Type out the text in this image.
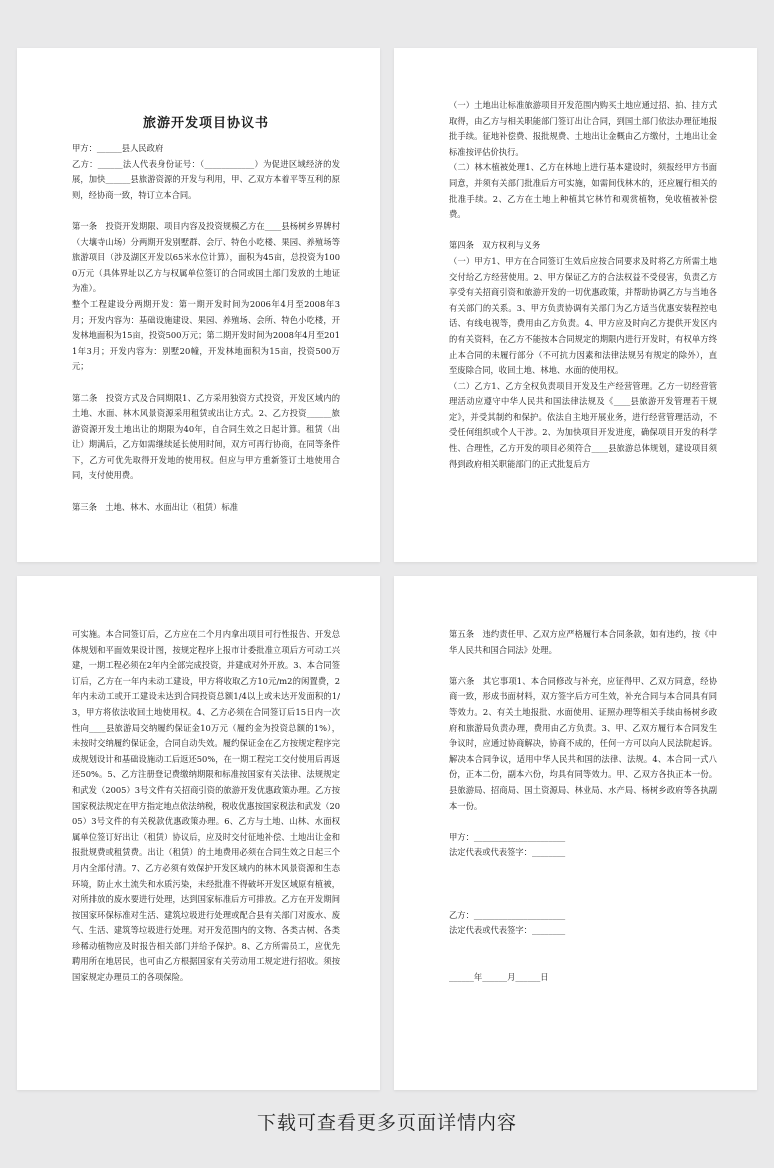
旅游开发项目协议书
甲方：______县人民政府
乙方：______法人代表身份证号：（____________）为促进区域经济的发展，加快______县旅游资源的开发与利用，甲、乙双方本着平等互利的原则，经协商一致，特订立本合同。
第一条　投资开发期限、项目内容及投资规模乙方在____县杨树乡界牌村（大壤寺山场）分两期开发别墅群、会厅、特色小吃楼、果园、养殖场等旅游项目（涉及湖区开发以65米水位计算），面积为45亩，总投资为1000万元（具体界址以乙方与权属单位签订的合同或国土部门发放的土地证为准）。
整个工程建设分两期开发：第一期开发时间为2006年4月至2008年3月；开发内容为：基础设施建设、果园、养殖场、会所、特色小吃楼，开发林地面积为15亩，投资500万元；第二期开发时间为2008年4月至2011年3月；开发内容为：别墅20幢，开发林地面积为15亩，投资500万元；
第二条　投资方式及合同期限1、乙方采用独资方式投资，开发区域内的土地、水面、林木风景资源采用租赁或出让方式。2、乙方投资______旅游资源开发土地出让的期限为40年，自合同生效之日起计算。租赁（出让）期满后，乙方如需继续延长使用时间，双方可再行协商，在同等条件下，乙方可优先取得开发地的使用权。但应与甲方重新签订土地使用合同，支付使用费。
第三条　土地、林木、水面出让（租赁）标准
（一）土地出让标准旅游项目开发范围内购买土地应通过招、拍、挂方式取得，由乙方与相关职能部门签订出让合同，到国土部门依法办理征地报批手续。征地补偿费、报批规费、土地出让金概由乙方缴付，土地出让金标准按评估价执行。
（二）林木植被处理1、乙方在林地上进行基本建设时，须报经甲方书面同意，并须有关部门批准后方可实施，如需间伐林木的，还应履行相关的批准手续。2、乙方在土地上种植其它林竹和观赏植物，免收植被补偿费。
第四条　双方权利与义务
（一）甲方1、甲方在合同签订生效后应按合同要求及时将乙方所需土地交付给乙方经营使用。2、甲方保证乙方的合法权益不受侵害，负责乙方享受有关招商引资和旅游开发的一切优惠政策，并帮助协调乙方与当地各有关部门的关系。3、甲方负责协调有关部门为乙方适当优惠安装程控电话、有线电视等，费用由乙方负责。4、甲方应及时向乙方提供开发区内的有关资料，在乙方不能按本合同规定的期限内进行开发时，有权单方终止本合同的未履行部分（不可抗力因素和法律法规另有规定的除外），直至废除合同，收回土地、林地、水面的使用权。
（二）乙方1、乙方全权负责项目开发及生产经营管理。乙方一切经营管理活动应遵守中华人民共和国法律法规及《____县旅游开发管理若干规定》，并受其制约和保护。依法自主地开展业务，进行经营管理活动，不受任何组织或个人干涉。2、为加快项目开发进度，确保项目开发的科学性、合理性，乙方开发的项目必须符合____县旅游总体规划，建设项目须得到政府相关职能部门的正式批复后方
可实施。本合同签订后，乙方应在二个月内拿出项目可行性报告、开发总体规划和平面效果设计图，按规定程序上报市计委批准立项后方可动工兴建，一期工程必须在2年内全部完成投资，并建成对外开放。3、本合同签订后，乙方在一年内未动工建设，甲方将收取乙方10元/m2的闲置费，2年内未动工或开工建设未达到合同投资总额1/4以上或未达开发面积的1/3，甲方将依法收回土地使用权。4、乙方必须在合同签订后15日内一次性向____县旅游局交纳履约保证金10万元（履约金为投资总额的1%），未按时交纳履约保证金，合同自动失效。履约保证金在乙方按规定程序完成规划设计和基础设施动工后返还50%，在一期工程完工交付使用后再返还50%。5、乙方注册登记费缴纳期限和标准按国家有关法律、法规规定和武发（2005）3号文件有关招商引资的旅游开发优惠政策办理。乙方按国家税法规定在甲方指定地点依法纳税，税收优惠按国家税法和武发（2005）3号文件的有关税款优惠政策办理。6、乙方与土地、山林、水面权属单位签订好出让（租赁）协议后，应及时交付征地补偿、土地出让金和报批规费或租赁费。出让（租赁）的土地费用必须在合同生效之日起三个月内全部付清。7、乙方必须有效保护开发区域内的林木风景资源和生态环境，防止水土流失和水质污染，未经批准不得破坏开发区域原有植被，对所排放的废水要进行处理，达到国家标准后方可排放。乙方在开发期间按国家环保标准对生活、建筑垃圾进行处理或配合县有关部门对废水、废气、生活、建筑等垃圾进行处理。对开发范围内的文物、各类古树、各类珍稀动植物应及时报告相关部门并给予保护。8、乙方所需员工，应优先聘用所在地居民，也可由乙方根据国家有关劳动用工规定进行招收。须按国家规定办理员工的各项保险。
第五条　违约责任甲、乙双方应严格履行本合同条款，如有违约，按《中华人民共和国合同法》处理。
第六条　其它事项1、本合同修改与补充，应征得甲、乙双方同意，经协商一致，形成书面材料，双方签字后方可生效，补充合同与本合同具有同等效力。2、有关土地报批、水面使用、证照办理等相关手续由杨树乡政府和旅游局负责办理，费用由乙方负责。3、甲、乙双方履行本合同发生争议时，应通过协商解决，协商不成的，任何一方可以向人民法院起诉。解决本合同争议，适用中华人民共和国的法律、法规。4、本合同一式八份，正本二份，副本六份，均具有同等效力。甲、乙双方各执正本一份。县旅游局、招商局、国土资源局、林业局、水产局、杨树乡政府等各执副本一份。
甲方：______________________
法定代表或代表签字：________
乙方：______________________
法定代表或代表签字：________
______年______月______日
下载可查看更多页面详情内容
